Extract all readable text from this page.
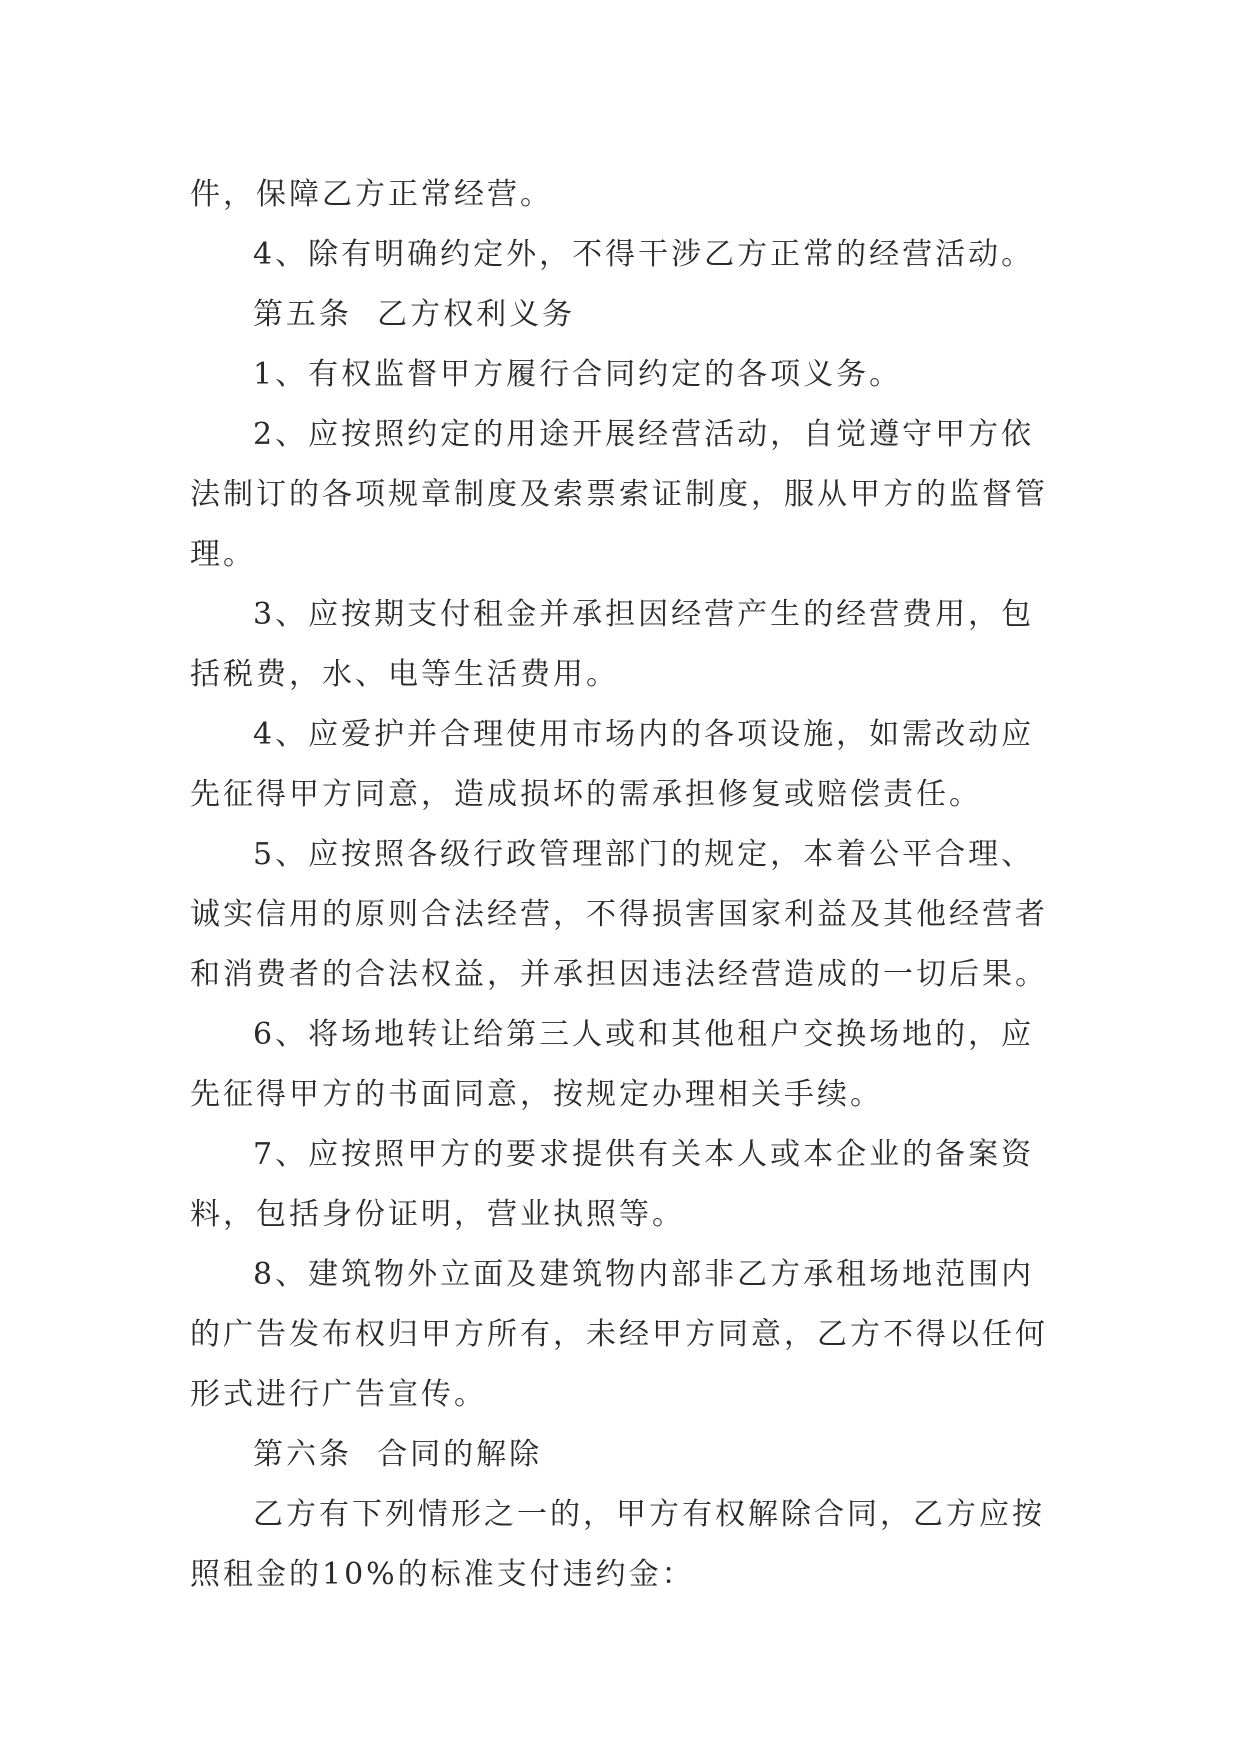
件，保障乙方正常经营。

4、除有明确约定外，不得干涉乙方正常的经营活动。

第五条  乙方权利义务

1、有权监督甲方履行合同约定的各项义务。

2、应按照约定的用途开展经营活动，自觉遵守甲方依
法制订的各项规章制度及索票索证制度，服从甲方的监督管
理。

3、应按期支付租金并承担因经营产生的经营费用，包
括税费，水、电等生活费用。

4、应爱护并合理使用市场内的各项设施，如需改动应
先征得甲方同意，造成损坏的需承担修复或赔偿责任。

5、应按照各级行政管理部门的规定，本着公平合理、
诚实信用的原则合法经营，不得损害国家利益及其他经营者
和消费者的合法权益，并承担因违法经营造成的一切后果。

6、将场地转让给第三人或和其他租户交换场地的，应
先征得甲方的书面同意，按规定办理相关手续。

7、应按照甲方的要求提供有关本人或本企业的备案资
料，包括身份证明，营业执照等。

8、建筑物外立面及建筑物内部非乙方承租场地范围内
的广告发布权归甲方所有，未经甲方同意，乙方不得以任何
形式进行广告宣传。

第六条  合同的解除

乙方有下列情形之一的，甲方有权解除合同，乙方应按
照租金的10%的标准支付违约金：
